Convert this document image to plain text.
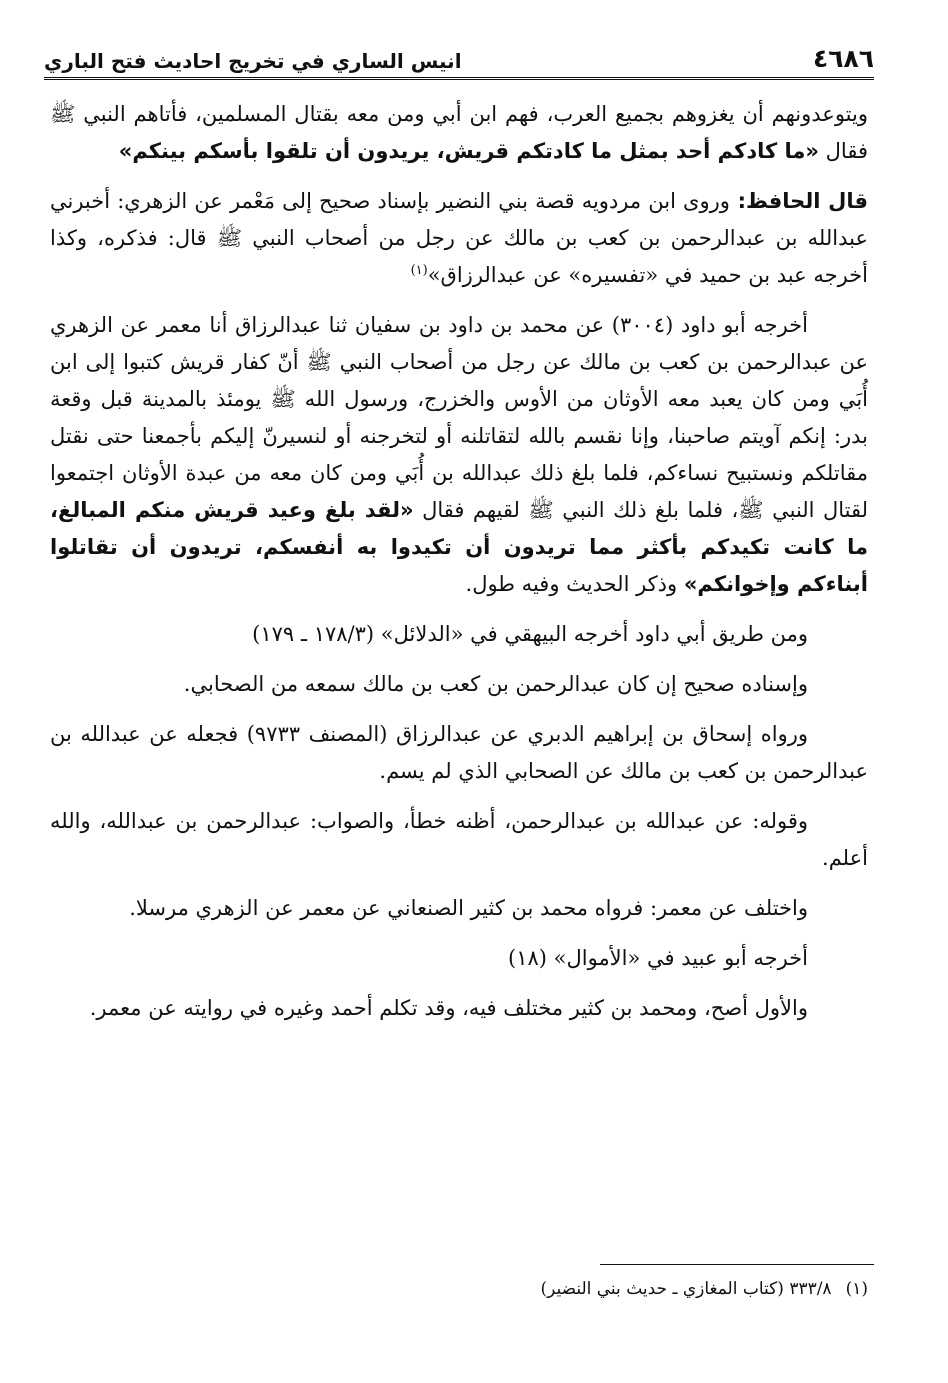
٤٦٨٦
انيس الساري في تخريج احاديث فتح الباري

ويتوعدونهم أن يغزوهم بجميع العرب، فهم ابن أبي ومن معه بقتال المسلمين، فأتاهم النبي ﷺ فقال «ما كادكم أحد بمثل ما كادتكم قريش، يريدون أن تلقوا بأسكم بينكم»

قال الحافظ: وروى ابن مردويه قصة بني النضير بإسناد صحيح إلى مَعْمر عن الزهري: أخبرني عبدالله بن عبدالرحمن بن كعب بن مالك عن رجل من أصحاب النبي ﷺ قال: فذكره، وكذا أخرجه عبد بن حميد في «تفسيره» عن عبدالرزاق»$^{(١)}$

أخرجه أبو داود (٣٠٠٤) عن محمد بن داود بن سفيان ثنا عبدالرزاق أنا معمر عن الزهري عن عبدالرحمن بن كعب بن مالك عن رجل من أصحاب النبي ﷺ أنّ كفار قريش كتبوا إلى ابن أُبَي ومن كان يعبد معه الأوثان من الأوس والخزرج، ورسول الله ﷺ يومئذ بالمدينة قبل وقعة بدر: إنكم آويتم صاحبنا، وإنا نقسم بالله لتقاتلنه أو لتخرجنه أو لنسيرنّ إليكم بأجمعنا حتى نقتل مقاتلكم ونستبيح نساءكم، فلما بلغ ذلك عبدالله بن أُبَي ومن كان معه من عبدة الأوثان اجتمعوا لقتال النبي ﷺ، فلما بلغ ذلك النبي ﷺ لقيهم فقال «لقد بلغ وعيد قريش منكم المبالغ، ما كانت تكيدكم بأكثر مما تريدون أن تكيدوا به أنفسكم، تريدون أن تقاتلوا أبناءكم وإخوانكم» وذكر الحديث وفيه طول.

ومن طريق أبي داود أخرجه البيهقي في «الدلائل» (١٧٨/٣ ـ ١٧٩)

وإسناده صحيح إن كان عبدالرحمن بن كعب بن مالك سمعه من الصحابي.

ورواه إسحاق بن إبراهيم الدبري عن عبدالرزاق (المصنف ٩٧٣٣) فجعله عن عبدالله بن عبدالرحمن بن كعب بن مالك عن الصحابي الذي لم يسم.

وقوله: عن عبدالله بن عبدالرحمن، أظنه خطأ، والصواب: عبدالرحمن بن عبدالله، والله أعلم.

واختلف عن معمر: فرواه محمد بن كثير الصنعاني عن معمر عن الزهري مرسلا.

أخرجه أبو عبيد في «الأموال» (١٨)

والأول أصح، ومحمد بن كثير مختلف فيه، وقد تكلم أحمد وغيره في روايته عن معمر.

(١)٣٣٣/٨ (كتاب المغازي ـ حديث بني النضير)
